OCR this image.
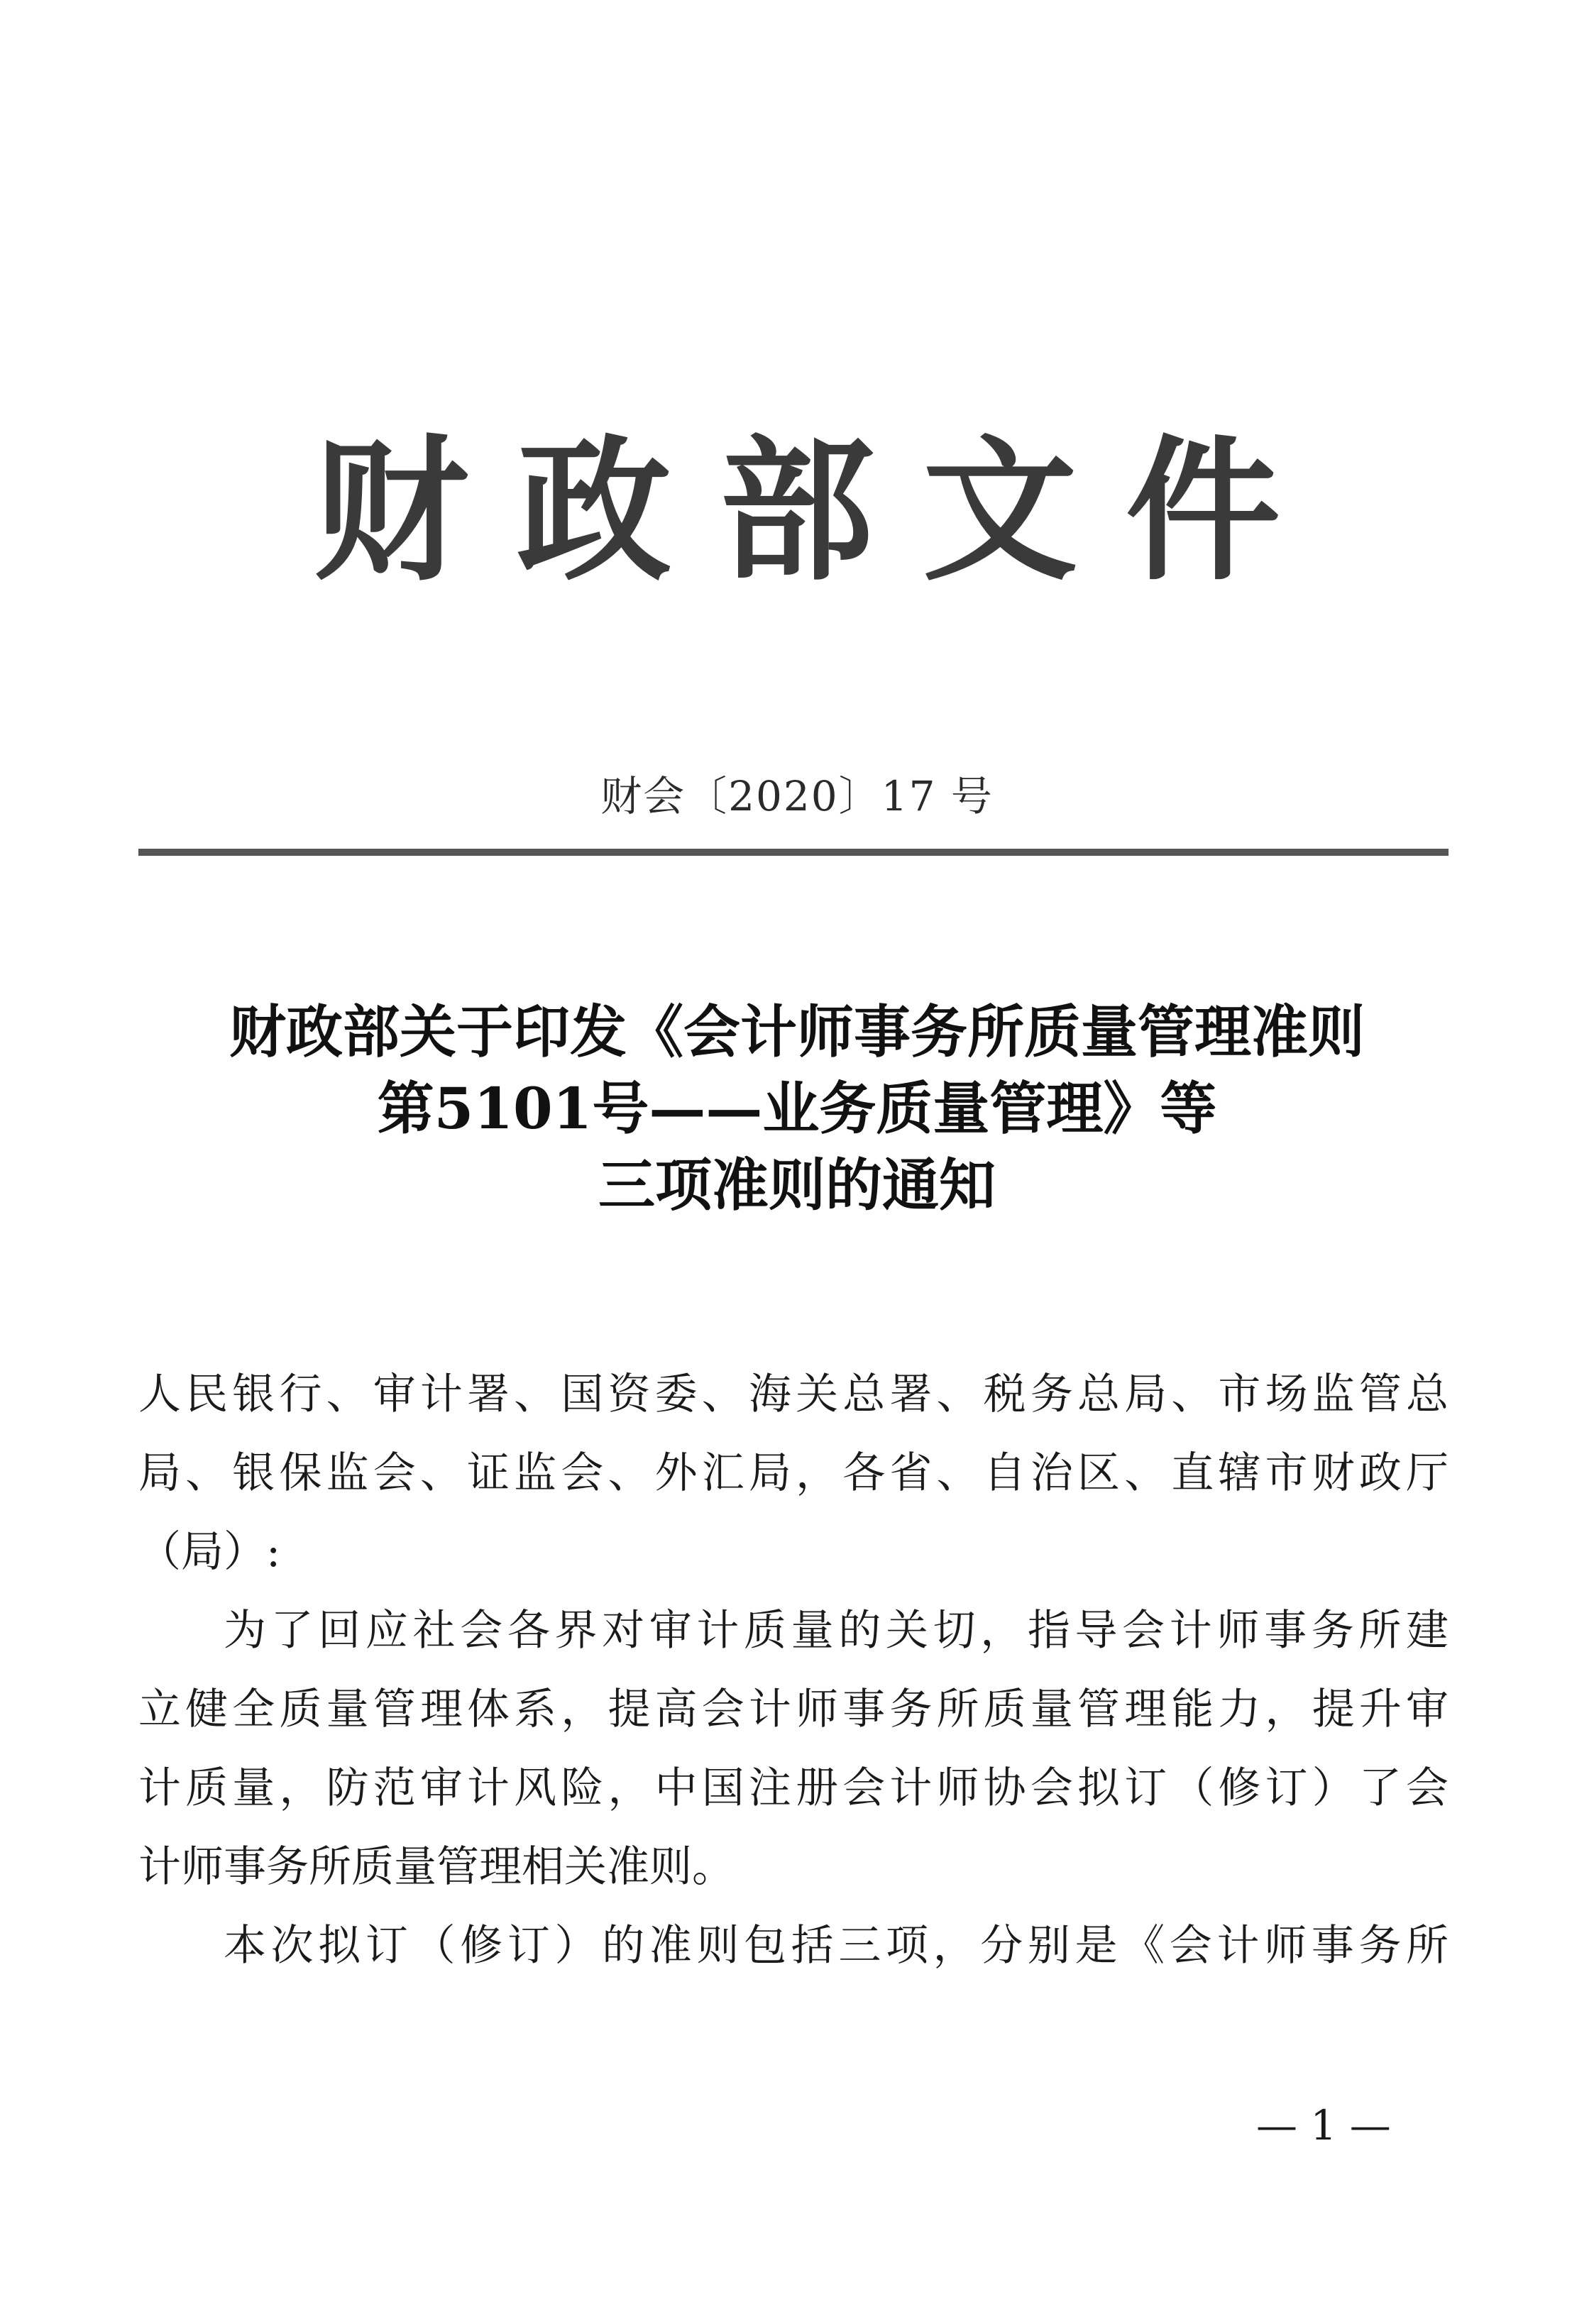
财政部文件
财会〔2020〕17 号
财政部关于印发《会计师事务所质量管理准则
第5101号——业务质量管理》等
三项准则的通知
人民银行、审计署、国资委、海关总署、税务总局、市场监管总
局、银保监会、证监会、外汇局，各省、自治区、直辖市财政厅
（局）:
为了回应社会各界对审计质量的关切，指导会计师事务所建
立健全质量管理体系，提高会计师事务所质量管理能力，提升审
计质量，防范审计风险，中国注册会计师协会拟订（修订）了会
计师事务所质量管理相关准则。
本次拟订（修订）的准则包括三项，分别是《会计师事务所
— 1 —
